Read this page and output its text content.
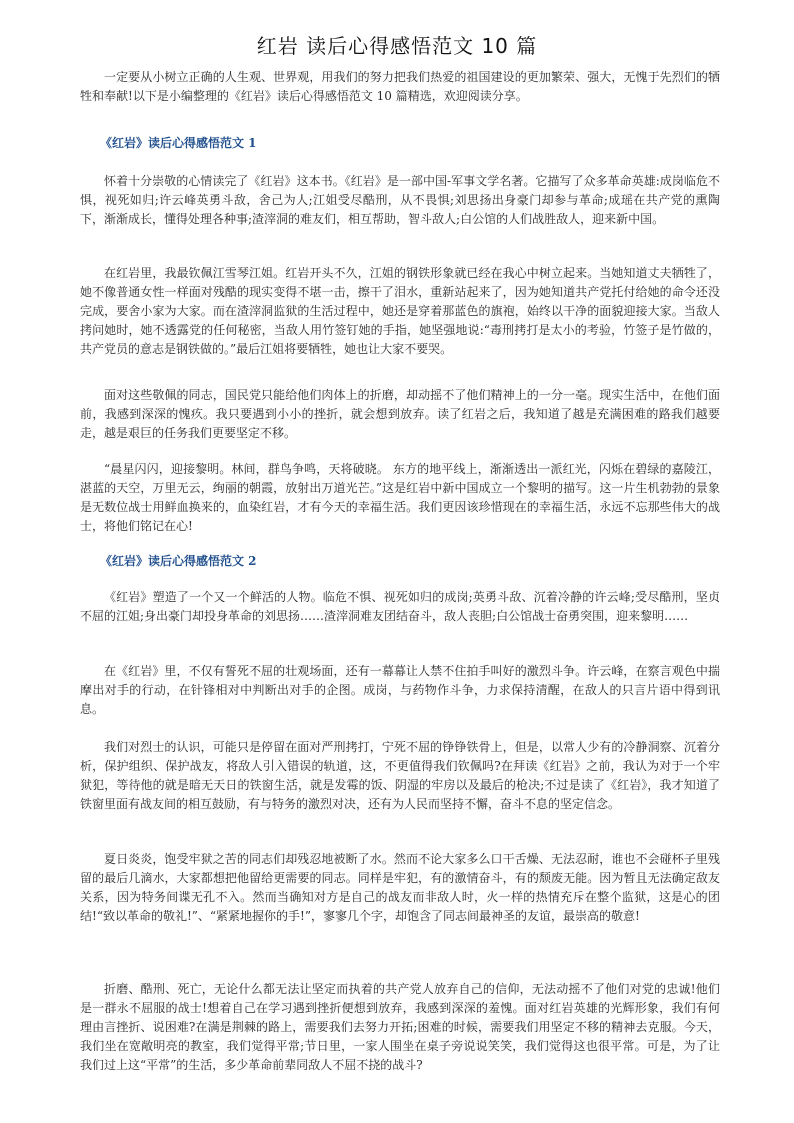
红岩 读后心得感悟范文 10 篇

一定要从小树立正确的人生观、世界观，用我们的努力把我们热爱的祖国建设的更加繁荣、强大，无愧于先烈们的牺牲和奉献!以下是小编整理的《红岩》读后心得感悟范文 10 篇精选，欢迎阅读分享。

《红岩》读后心得感悟范文 1

怀着十分崇敬的心情读完了《红岩》这本书。《红岩》是一部中国-军事文学名著。它描写了众多革命英雄:成岗临危不惧，视死如归;许云峰英勇斗敌，舍己为人;江姐受尽酷刑，从不畏惧;刘思扬出身豪门却参与革命;成瑶在共产党的熏陶下，渐渐成长，懂得处理各种事;渣滓洞的难友们，相互帮助，智斗敌人;白公馆的人们战胜敌人，迎来新中国。

在红岩里，我最钦佩江雪琴江姐。红岩开头不久，江姐的钢铁形象就已经在我心中树立起来。当她知道丈夫牺牲了，她不像普通女性一样面对残酷的现实变得不堪一击，擦干了泪水，重新站起来了，因为她知道共产党托付给她的命令还没完成，要舍小家为大家。而在渣滓洞监狱的生活过程中，她还是穿着那蓝色的旗袍，始终以干净的面貌迎接大家。当敌人拷问她时，她不透露党的任何秘密，当敌人用竹签钉她的手指，她坚强地说:“毒刑拷打是太小的考验，竹签子是竹做的，共产党员的意志是钢铁做的。”最后江姐将要牺牲，她也让大家不要哭。

面对这些敬佩的同志，国民党只能给他们肉体上的折磨，却动摇不了他们精神上的一分一毫。现实生活中，在他们面前，我感到深深的愧疚。我只要遇到小小的挫折，就会想到放弃。读了红岩之后，我知道了越是充满困难的路我们越要走，越是艰巨的任务我们更要坚定不移。

“晨星闪闪，迎接黎明。林间，群鸟争鸣，天将破晓。 东方的地平线上，渐渐透出一派红光，闪烁在碧绿的嘉陵江，湛蓝的天空，万里无云，绚丽的朝霞，放射出万道光芒。”这是红岩中新中国成立一个黎明的描写。这一片生机勃勃的景象是无数位战士用鲜血换来的，血染红岩，才有今天的幸福生活。我们更因该珍惜现在的幸福生活，永远不忘那些伟大的战士，将他们铭记在心!

《红岩》读后心得感悟范文 2

《红岩》塑造了一个又一个鲜活的人物。临危不惧、视死如归的成岗;英勇斗敌、沉着冷静的许云峰;受尽酷刑，坚贞不屈的江姐;身出豪门却投身革命的刘思扬……渣滓洞难友团结奋斗，敌人丧胆;白公馆战士奋勇突围，迎来黎明……

在《红岩》里，不仅有誓死不屈的壮观场面，还有一幕幕让人禁不住拍手叫好的激烈斗争。许云峰，在察言观色中揣摩出对手的行动，在针锋相对中判断出对手的企图。成岗，与药物作斗争，力求保持清醒，在敌人的只言片语中得到讯息。

我们对烈士的认识，可能只是停留在面对严刑拷打，宁死不屈的铮铮铁骨上，但是，以常人少有的冷静洞察、沉着分析，保护组织、保护战友，将敌人引入错误的轨道，这，不更值得我们钦佩吗?在拜读《红岩》之前，我认为对于一个牢狱犯，等待他的就是暗无天日的铁窗生活，就是发霉的饭、阴湿的牢房以及最后的枪决;不过是读了《红岩》，我才知道了铁窗里面有战友间的相互鼓励，有与特务的激烈对决，还有为人民而坚持不懈，奋斗不息的坚定信念。

夏日炎炎，饱受牢狱之苦的同志们却残忍地被断了水。然而不论大家多么口干舌燥、无法忍耐，谁也不会碰杯子里残留的最后几滴水，大家都想把他留给更需要的同志。同样是牢犯，有的激情奋斗，有的颓废无能。因为暂且无法确定敌友关系，因为特务间谍无孔不入。然而当确知对方是自己的战友而非敌人时，火一样的热情充斥在整个监狱，这是心的团结!“致以革命的敬礼!”、“紧紧地握你的手!”，寥寥几个字，却饱含了同志间最神圣的友谊，最崇高的敬意!

折磨、酷刑、死亡，无论什么都无法让坚定而执着的共产党人放弃自己的信仰，无法动摇不了他们对党的忠诚!他们是一群永不屈服的战士!想着自己在学习遇到挫折便想到放弃，我感到深深的羞愧。面对红岩英雄的光辉形象，我们有何理由言挫折、说困难?在满是荆棘的路上，需要我们去努力开拓;困难的时候，需要我们用坚定不移的精神去克服。今天，我们坐在宽敞明亮的教室，我们觉得平常;节日里，一家人围坐在桌子旁说说笑笑，我们觉得这也很平常。可是，为了让我们过上这“平常”的生活，多少革命前辈同敌人不屈不挠的战斗?
